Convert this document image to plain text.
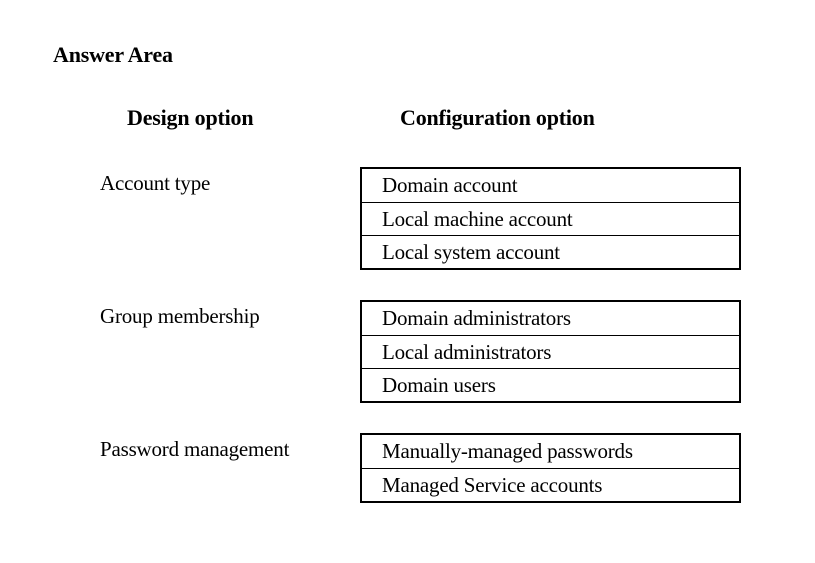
Answer Area
Design option	Configuration option
Account type	Domain account
Local machine account
Local system account
Group membership	Domain administrators
Local administrators
Domain users
Password management	Manually-managed passwords
Managed Service accounts
